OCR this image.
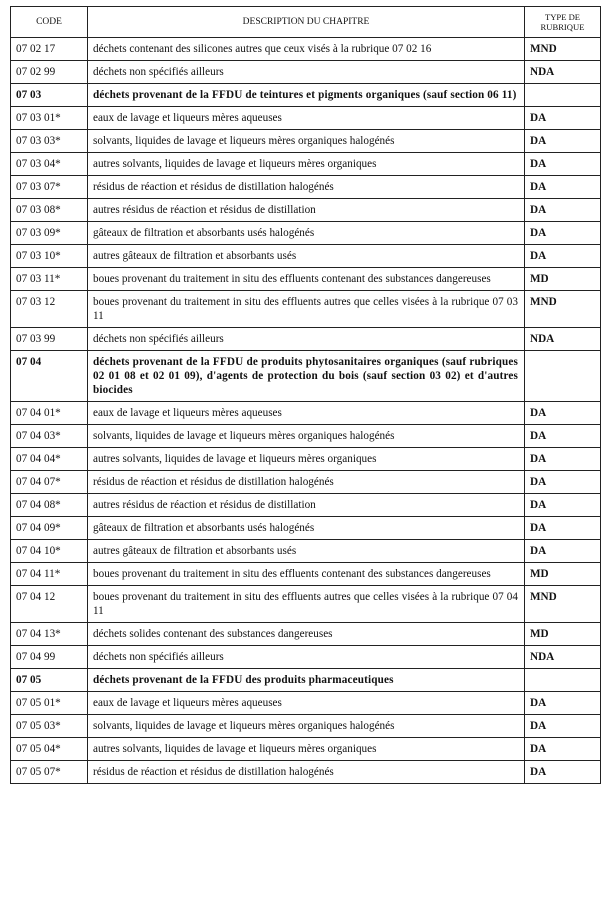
CODE	DESCRIPTION DU CHAPITRE	TYPE DE RUBRIQUE
07 02 17	déchets contenant des silicones autres que ceux visés à la rubrique 07 02 16	MND
07 02 99	déchets non spécifiés ailleurs	NDA
07 03	déchets provenant de la FFDU de teintures et pigments organiques (sauf section 06 11)	
07 03 01*	eaux de lavage et liqueurs mères aqueuses	DA
07 03 03*	solvants, liquides de lavage et liqueurs mères organiques halogénés	DA
07 03 04*	autres solvants, liquides de lavage et liqueurs mères organiques	DA
07 03 07*	résidus de réaction et résidus de distillation halogénés	DA
07 03 08*	autres résidus de réaction et résidus de distillation	DA
07 03 09*	gâteaux de filtration et absorbants usés halogénés	DA
07 03 10*	autres gâteaux de filtration et absorbants usés	DA
07 03 11*	boues provenant du traitement in situ des effluents contenant des substances dangereuses	MD
07 03 12	boues provenant du traitement in situ des effluents autres que celles visées à la rubrique 07 03 11	MND
07 03 99	déchets non spécifiés ailleurs	NDA
07 04	déchets provenant de la FFDU de produits phytosanitaires organiques (sauf rubriques 02 01 08 et 02 01 09), d'agents de protection du bois (sauf section 03 02) et d'autres biocides	
07 04 01*	eaux de lavage et liqueurs mères aqueuses	DA
07 04 03*	solvants, liquides de lavage et liqueurs mères organiques halogénés	DA
07 04 04*	autres solvants, liquides de lavage et liqueurs mères organiques	DA
07 04 07*	résidus de réaction et résidus de distillation halogénés	DA
07 04 08*	autres résidus de réaction et résidus de distillation	DA
07 04 09*	gâteaux de filtration et absorbants usés halogénés	DA
07 04 10*	autres gâteaux de filtration et absorbants usés	DA
07 04 11*	boues provenant du traitement in situ des effluents contenant des substances dangereuses	MD
07 04 12	boues provenant du traitement in situ des effluents autres que celles visées à la rubrique 07 04 11	MND
07 04 13*	déchets solides contenant des substances dangereuses	MD
07 04 99	déchets non spécifiés ailleurs	NDA
07 05	déchets provenant de la FFDU des produits pharmaceutiques	
07 05 01*	eaux de lavage et liqueurs mères aqueuses	DA
07 05 03*	solvants, liquides de lavage et liqueurs mères organiques halogénés	DA
07 05 04*	autres solvants, liquides de lavage et liqueurs mères organiques	DA
07 05 07*	résidus de réaction et résidus de distillation halogénés	DA
